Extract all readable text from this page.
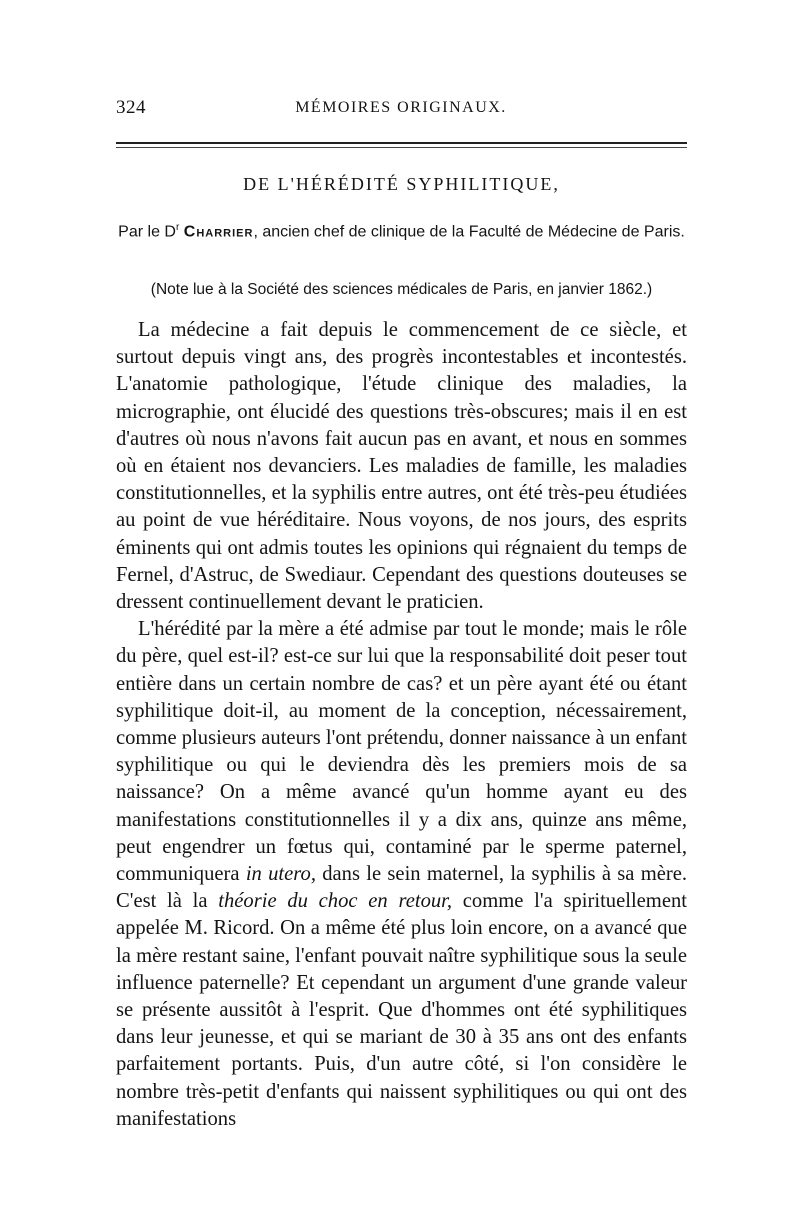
324	MÉMOIRES ORIGINAUX.
DE L'HÉRÉDITÉ SYPHILITIQUE,
Par le $D^r$ Charrier, ancien chef de clinique de la Faculté de Médecine de Paris.
(Note lue à la Société des sciences médicales de Paris, en janvier 1862.)

La médecine a fait depuis le commencement de ce siècle, et surtout depuis vingt ans, des progrès incontestables et incontestés. L'anatomie pathologique, l'étude clinique des maladies, la micrographie, ont élucidé des questions très-obscures; mais il en est d'autres où nous n'avons fait aucun pas en avant, et nous en sommes où en étaient nos devanciers. Les maladies de famille, les maladies constitutionnelles, et la syphilis entre autres, ont été très-peu étudiées au point de vue héréditaire. Nous voyons, de nos jours, des esprits éminents qui ont admis toutes les opinions qui régnaient du temps de Fernel, d'Astruc, de Swediaur. Cependant des questions douteuses se dressent continuellement devant le praticien.

L'hérédité par la mère a été admise par tout le monde; mais le rôle du père, quel est-il? est-ce sur lui que la responsabilité doit peser tout entière dans un certain nombre de cas? et un père ayant été ou étant syphilitique doit-il, au moment de la conception, nécessairement, comme plusieurs auteurs l'ont prétendu, donner naissance à un enfant syphilitique ou qui le deviendra dès les premiers mois de sa naissance? On a même avancé qu'un homme ayant eu des manifestations constitutionnelles il y a dix ans, quinze ans même, peut engendrer un fœtus qui, contaminé par le sperme paternel, communiquera in utero, dans le sein maternel, la syphilis à sa mère. C'est là la théorie du choc en retour, comme l'a spirituellement appelée M. Ricord. On a même été plus loin encore, on a avancé que la mère restant saine, l'enfant pouvait naître syphilitique sous la seule influence paternelle? Et cependant un argument d'une grande valeur se présente aussitôt à l'esprit. Que d'hommes ont été syphilitiques dans leur jeunesse, et qui se mariant de 30 à 35 ans ont des enfants parfaitement portants. Puis, d'un autre côté, si l'on considère le nombre très-petit d'enfants qui naissent syphilitiques ou qui ont des manifestations
